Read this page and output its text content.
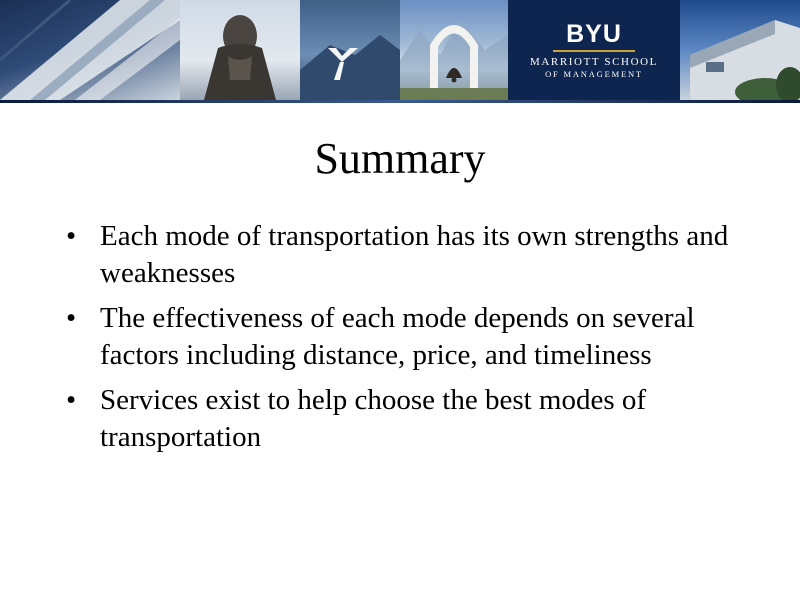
BYU
MARRIOTT SCHOOL
OF MANAGEMENT
Summary
• Each mode of transportation has its own strengths and weaknesses
• The effectiveness of each mode depends on several factors including distance, price, and timeliness
• Services exist to help choose the best modes of transportation
